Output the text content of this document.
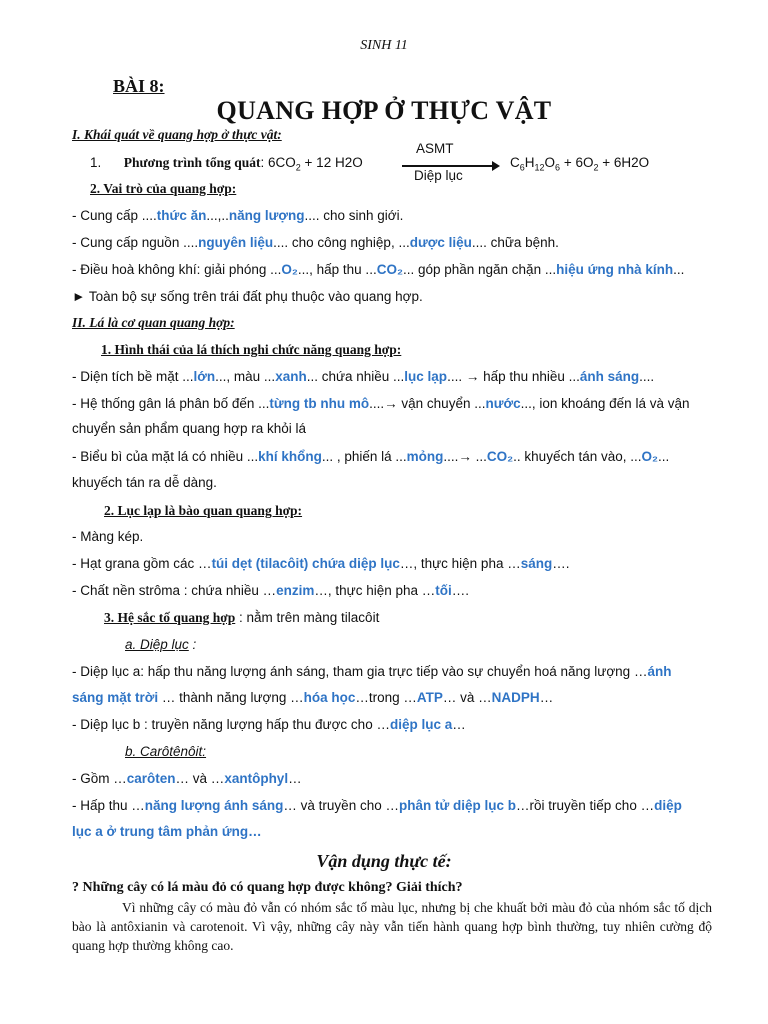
SINH 11
BÀI 8:
QUANG HỢP Ở THỰC VẬT
I. Khái quát về quang hợp ở thực vật:
1. Phương trình tổng quát: $6CO_2 + 12$ H2O
ASMT
Diệp lục
$C_6H_{12}O_6 + 6O_2 + 6H2O$
2. Vai trò của quang hợp:
- Cung cấp ....thức ăn...,..năng lượng.... cho sinh giới.
- Cung cấp nguồn ....nguyên liệu.... cho công nghiệp, ...dược liệu.... chữa bệnh.
- Điều hoà không khí: giải phóng ...O₂..., hấp thu ...CO₂... góp phần ngăn chặn ...hiệu ứng nhà kính...
► Toàn bộ sự sống trên trái đất phụ thuộc vào quang hợp.
II. Lá là cơ quan quang hợp:
1. Hình thái của lá thích nghi chức năng quang hợp:
- Diện tích bề mặt ...lớn..., màu ...xanh... chứa nhiều ...lục lạp.... → hấp thu nhiều ...ánh sáng....
- Hệ thống gân lá phân bố đến ...từng tb nhu mô....→ vận chuyển ...nước..., ion khoáng đến lá và vận
chuyển sản phẩm quang hợp ra khỏi lá
- Biểu bì của mặt lá có nhiều ...khí khổng... , phiến lá ...mỏng....→ ...CO₂.. khuyếch tán vào, ...O₂...
khuyếch tán ra dễ dàng.
2. Lục lạp là bào quan quang hợp:
- Màng kép.
- Hạt grana gồm các …túi dẹt (tilacôit) chứa diệp lục…, thực hiện pha …sáng….
- Chất nền strôma : chứa nhiều …enzim…, thực hiện pha …tối….
3. Hệ sắc tố quang hợp : nằm trên màng tilacôit
a. Diệp lục :
- Diệp lục a: hấp thu năng lượng ánh sáng, tham gia trực tiếp vào sự chuyển hoá năng lượng …ánh
sáng mặt trời … thành năng lượng …hóa học…trong …ATP… và …NADPH…
- Diệp lục b : truyền năng lượng hấp thu được cho …diệp lục a…
b. Carôtênôit:
- Gồm …carôten… và …xantôphyl…
- Hấp thu …năng lượng ánh sáng… và truyền cho …phân tử diệp lục b…rồi truyền tiếp cho …diệp
lục a ở trung tâm phản ứng…
Vận dụng thực tế:
? Những cây có lá màu đỏ có quang hợp được không? Giải thích?
Vì những cây có màu đỏ vẫn có nhóm sắc tố màu lục, nhưng bị che khuất bởi màu đỏ của nhóm sắc tố dịch bào là antôxianin và carotenoit. Vì vậy, những cây này vẫn tiến hành quang hợp bình thường, tuy nhiên cường độ quang hợp thường không cao.
